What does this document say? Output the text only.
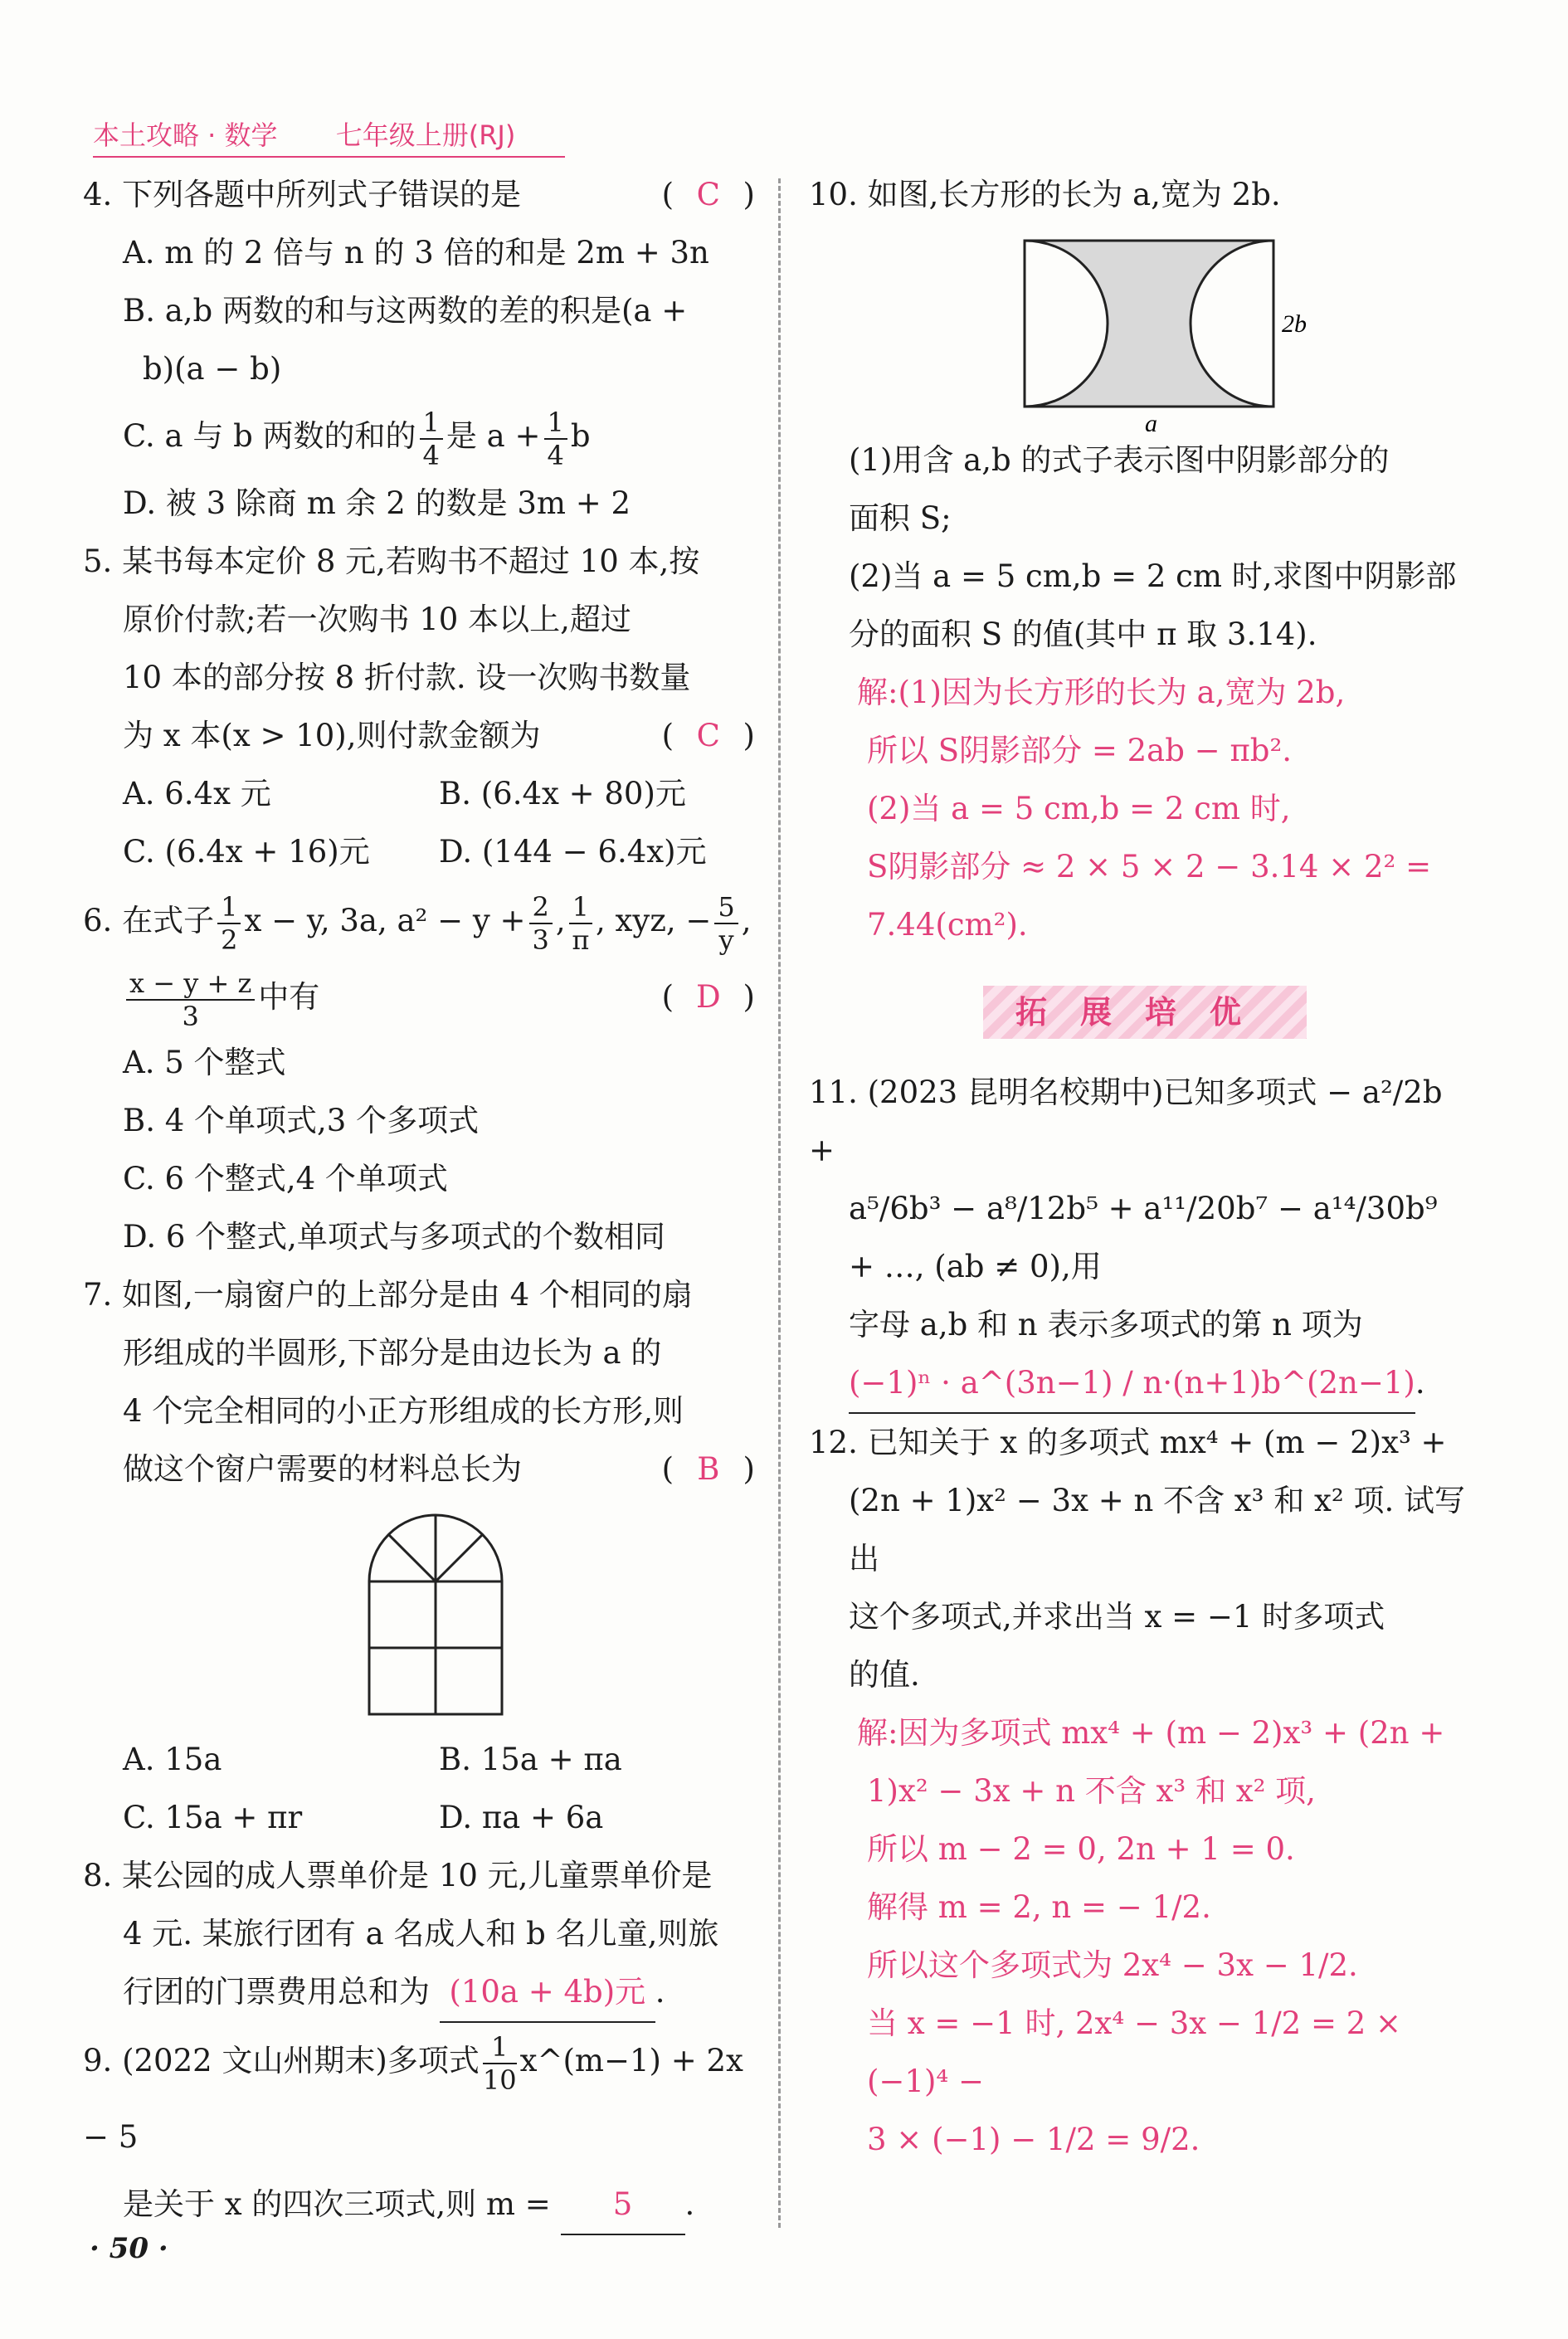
本土攻略 · 数学 七年级上册(RJ)
4. 下列各题中所列式子错误的是	( C )
A. m 的 2 倍与 n 的 3 倍的和是 2m + 3n
B. a,b 两数的和与这两数的差的积是(a +
b)(a − b)
C. a 与 b 两数的和的 $\frac{1}{4}$ 是 $a + \frac{1}{4}$ b
D. 被 3 除商 m 余 2 的数是 3m + 2
5. 某书每本定价 8 元,若购书不超过 10 本,按
原价付款;若一次购书 10 本以上,超过
10 本的部分按 8 折付款. 设一次购书数量
为 x 本(x > 10),则付款金额为	( C )
A. 6.4x 元	B. (6.4x + 80)元
C. (6.4x + 16)元	D. (144 − 6.4x)元
6. 在式子 $\frac{1}{2}$ x − y, 3a, $a^2 - y + \frac{2}{3}$ , $\frac{1}{\pi}$ , xyz, − $\frac{5}{y}$ ,
$\frac{x - y + z}{3}$ 中有	( D )
A. 5 个整式
B. 4 个单项式,3 个多项式
C. 6 个整式,4 个单项式
D. 6 个整式,单项式与多项式的个数相同
7. 如图,一扇窗户的上部分是由 4 个相同的扇
形组成的半圆形,下部分是由边长为 a 的
4 个完全相同的小正方形组成的长方形,则
做这个窗户需要的材料总长为	( B )
A. 15a	B. 15a + πa
C. 15a + πr	D. πa + 6a
8. 某公园的成人票单价是 10 元,儿童票单价是
4 元. 某旅行团有 a 名成人和 b 名儿童,则旅
行团的门票费用总和为 (10a + 4b)元 .
9. (2022 文山州期末)多项式 $\frac{1}{10}$ x^(m−1) + 2x − 5
是关于 x 的四次三项式,则 m = 5 .
10. 如图,长方形的长为 a,宽为 2b.
2b
a
(1)用含 a,b 的式子表示图中阴影部分的
面积 S;
(2)当 a = 5 cm,b = 2 cm 时,求图中阴影部
分的面积 S 的值(其中 π 取 3.14).
解:(1)因为长方形的长为 a,宽为 2b,
所以 S阴影部分 = 2ab − πb².
(2)当 a = 5 cm,b = 2 cm 时,
S阴影部分 ≈ 2 × 5 × 2 − 3.14 × 2² =
7.44(cm²).
拓展培优
11. (2023 昆明名校期中)已知多项式 − a²/2b +
a⁵/6b³ − a⁸/12b⁵ + a¹¹/20b⁷ − a¹⁴/30b⁹ + …, (ab ≠ 0),用
字母 a,b 和 n 表示多项式的第 n 项为
(−1)ⁿ · a^(3n−1) / n·(n+1)b^(2n−1).
12. 已知关于 x 的多项式 mx⁴ + (m − 2)x³ +
(2n + 1)x² − 3x + n 不含 x³ 和 x² 项. 试写出
这个多项式,并求出当 x = −1 时多项式
的值.
解:因为多项式 mx⁴ + (m − 2)x³ + (2n +
1)x² − 3x + n 不含 x³ 和 x² 项,
所以 m − 2 = 0, 2n + 1 = 0.
解得 m = 2, n = − 1/2.
所以这个多项式为 2x⁴ − 3x − 1/2.
当 x = −1 时, 2x⁴ − 3x − 1/2 = 2 × (−1)⁴ −
3 × (−1) − 1/2 = 9/2.
· 50 ·
